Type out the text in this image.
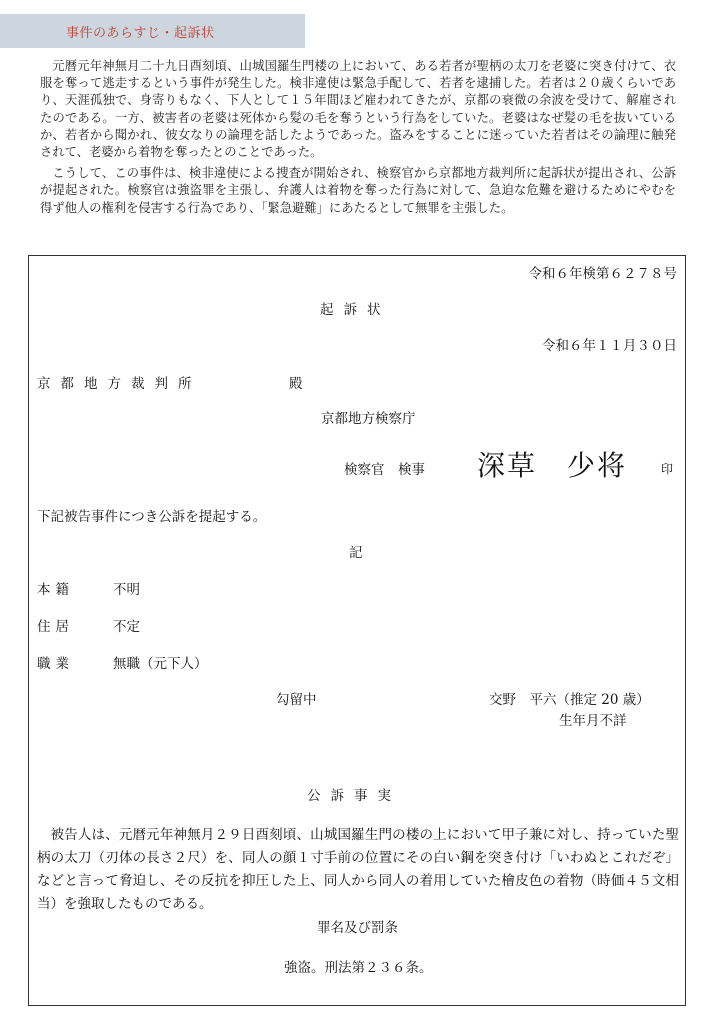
事件のあらすじ・起訴状

元暦元年神無月二十九日酉刻頃、山城国羅生門楼の上において、ある若者が聖柄の太刀を老婆に突き付けて、衣服を奪って逃走するという事件が発生した。検非違使は緊急手配して、若者を逮捕した。若者は２０歳くらいであり、天涯孤独で、身寄りもなく、下人として１５年間ほど雇われてきたが、京都の衰微の余波を受けて、解雇されたのである。一方、被害者の老婆は死体から髪の毛を奪うという行為をしていた。老婆はなぜ髪の毛を抜いているか、若者から聞かれ、彼女なりの論理を話したようであった。盗みをすることに迷っていた若者はその論理に触発されて、老婆から着物を奪ったとのことであった。

こうして、この事件は、検非違使による捜査が開始され、検察官から京都地方裁判所に起訴状が提出され、公訴が提起された。検察官は強盗罪を主張し、弁護人は着物を奪った行為に対して、急迫な危難を避けるためにやむを得ず他人の権利を侵害する行為であり、「緊急避難」にあたるとして無罪を主張した。

令和６年検第６２７８号
起訴状
令和６年１１月３０日
京都地方裁判所	殿
京都地方検察庁
検察官　検事 深草　少将	印
下記被告事件につき公訴を提起する。
記
本籍	不明
住居	不定
職業	無職（元下人）
勾留中	交野　平六（推定 20 歳）
生年月不詳
公訴事実

被告人は、元暦元年神無月２９日酉刻頃、山城国羅生門の楼の上において甲子兼に対し、持っていた聖柄の太刀（刃体の長さ２尺）を、同人の顔１寸手前の位置にその白い鋼を突き付け「いわぬとこれだぞ」などと言って脅迫し、その反抗を抑圧した上、同人から同人の着用していた檜皮色の着物（時価４５文相当）を強取したものである。

罪名及び罰条
強盗。刑法第２３６条。
